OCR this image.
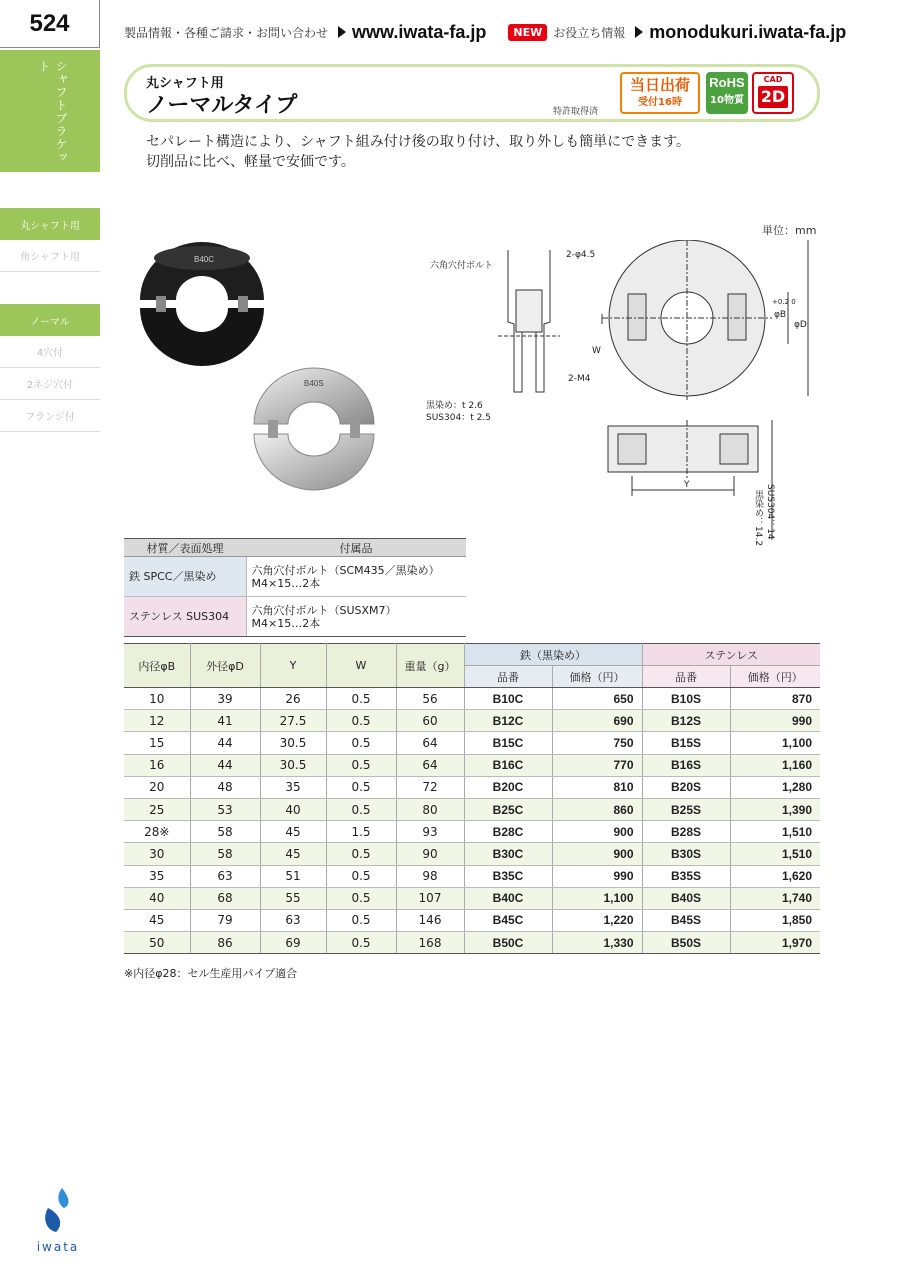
524	製品情報・各種ご請求・お問い合わせ www.iwata-fa.jp	NEW お役立ち情報 monodukuri.iwata-fa.jp
シャフトブラケット
丸シャフト用
角シャフト用
ノーマル
4穴付
2ネジ穴付
フランジ付
丸シャフト用
ノーマルタイプ	特許取得済
当日出荷
受付16時
RoHS
10物質
CAD
2D
セパレート構造により、シャフト組み付け後の取り付け、取り外しも簡単にできます。
切削品に比べ、軽量で安価です。
単位：mm
B40C
B40S
六角穴付ボルト
2-φ4.5
2-M4
黒染め：t 2.6
SUS304：t 2.5
W
φB
+0.2 0
φD
Y
黒染め：14.2 SUS304：14
材質／表面処理	付属品
鉄 SPCC／黒染め	六角穴付ボルト（SCM435／黒染め）
M4×15…2本

ステンレス SUS304	六角穴付ボルト（SUSXM7）
M4×15…2本
内径φB	外径φD	Y	W	重量（g）	鉄（黒染め）		ステンレス	
					品番	価格（円）	品番	価格（円）
10	39	26	0.5	56	B10C	650	B10S	870
12	41	27.5	0.5	60	B12C	690	B12S	990
15	44	30.5	0.5	64	B15C	750	B15S	1,100
16	44	30.5	0.5	64	B16C	770	B16S	1,160
20	48	35	0.5	72	B20C	810	B20S	1,280
25	53	40	0.5	80	B25C	860	B25S	1,390
28※	58	45	1.5	93	B28C	900	B28S	1,510
30	58	45	0.5	90	B30C	900	B30S	1,510
35	63	51	0.5	98	B35C	990	B35S	1,620
40	68	55	0.5	107	B40C	1,100	B40S	1,740
45	79	63	0.5	146	B45C	1,220	B45S	1,850
50	86	69	0.5	168	B50C	1,330	B50S	1,970
※内径φ28：セル生産用パイプ適合
iwata
